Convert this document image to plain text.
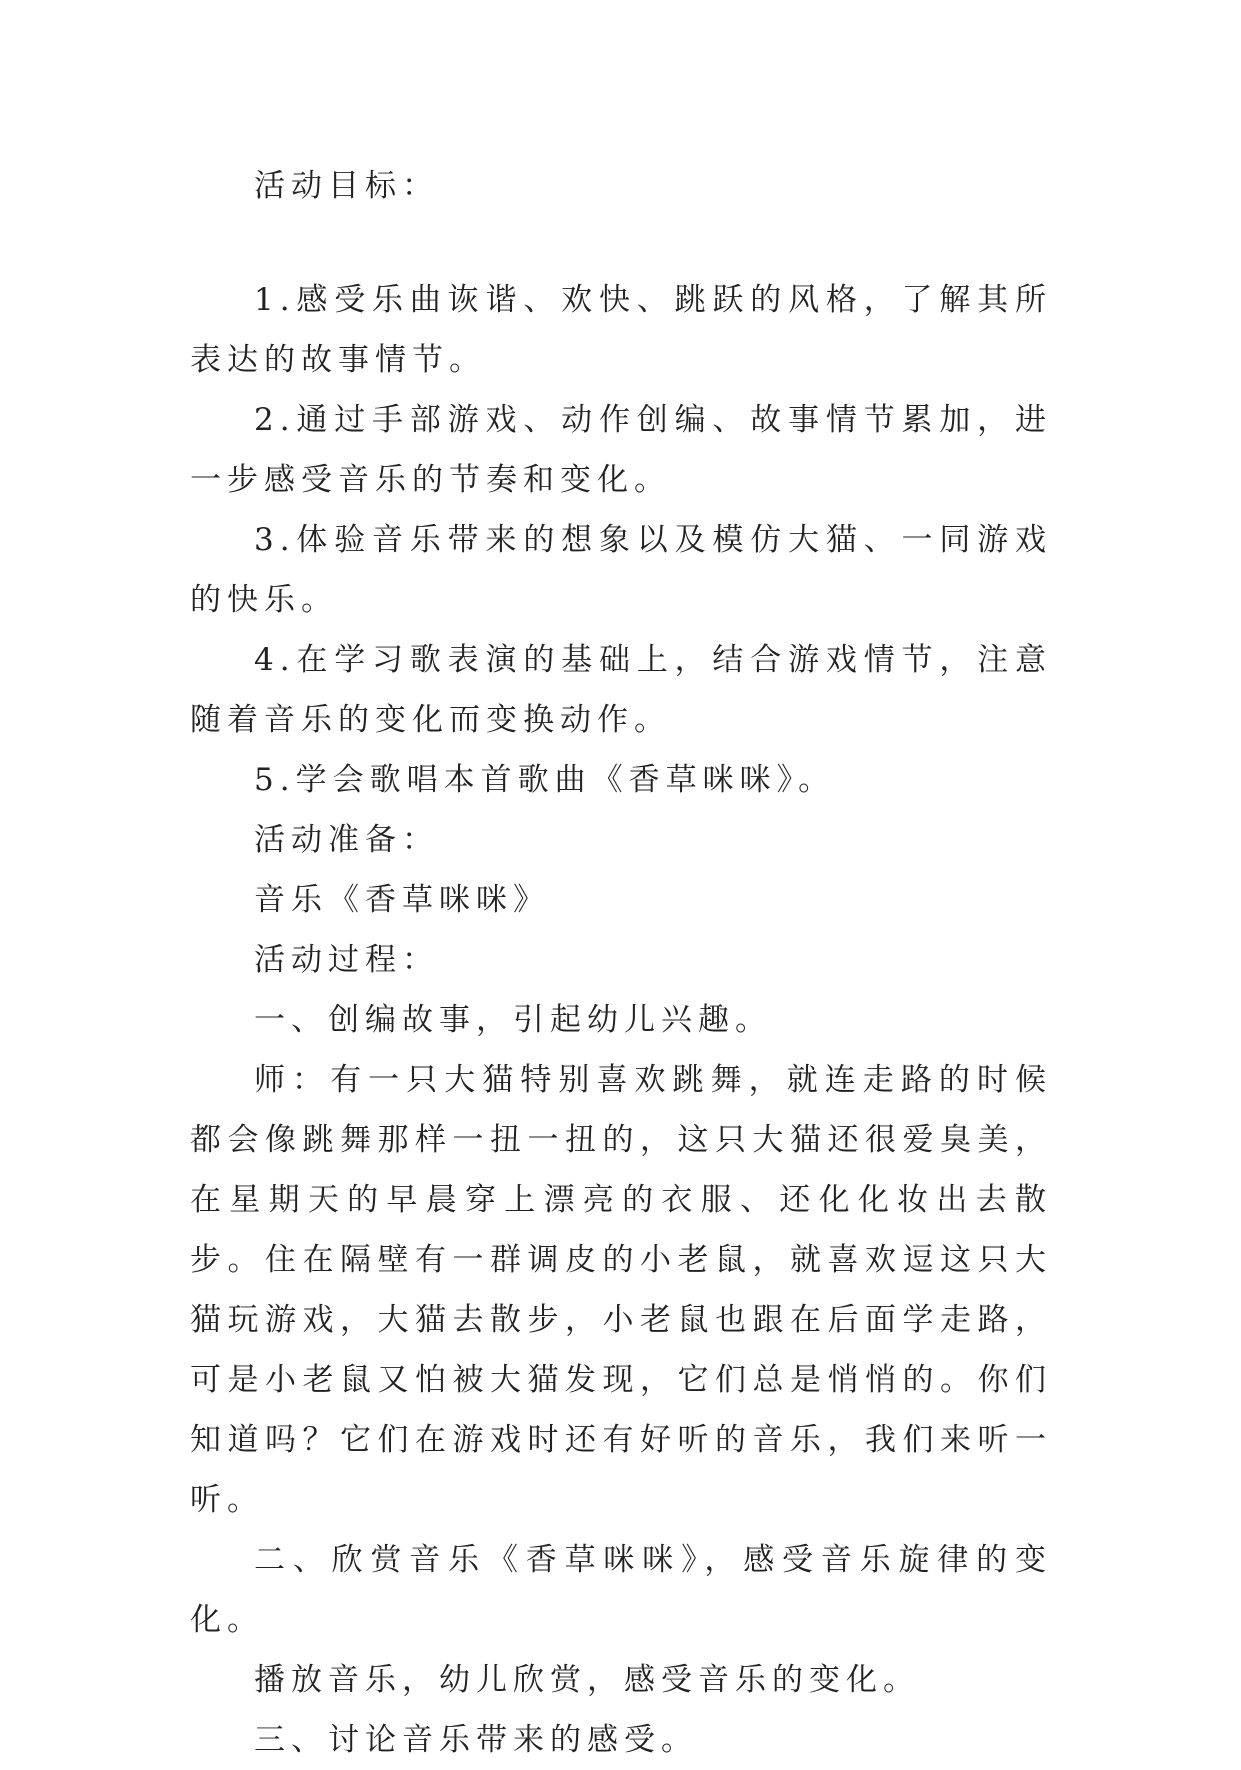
活动目标：

1.感受乐曲诙谐、欢快、跳跃的风格，了解其所表达的故事情节。

2.通过手部游戏、动作创编、故事情节累加，进一步感受音乐的节奏和变化。

3.体验音乐带来的想象以及模仿大猫、一同游戏的快乐。

4.在学习歌表演的基础上，结合游戏情节，注意随着音乐的变化而变换动作。

5.学会歌唱本首歌曲《香草咪咪》。

活动准备：

音乐《香草咪咪》

活动过程：

一、创编故事，引起幼儿兴趣。

师：有一只大猫特别喜欢跳舞，就连走路的时候都会像跳舞那样一扭一扭的，这只大猫还很爱臭美，在星期天的早晨穿上漂亮的衣服、还化化妆出去散步。住在隔壁有一群调皮的小老鼠，就喜欢逗这只大猫玩游戏，大猫去散步，小老鼠也跟在后面学走路，可是小老鼠又怕被大猫发现，它们总是悄悄的。你们知道吗？它们在游戏时还有好听的音乐，我们来听一听。

二、欣赏音乐《香草咪咪》，感受音乐旋律的变化。

播放音乐，幼儿欣赏，感受音乐的变化。

三、讨论音乐带来的感受。
